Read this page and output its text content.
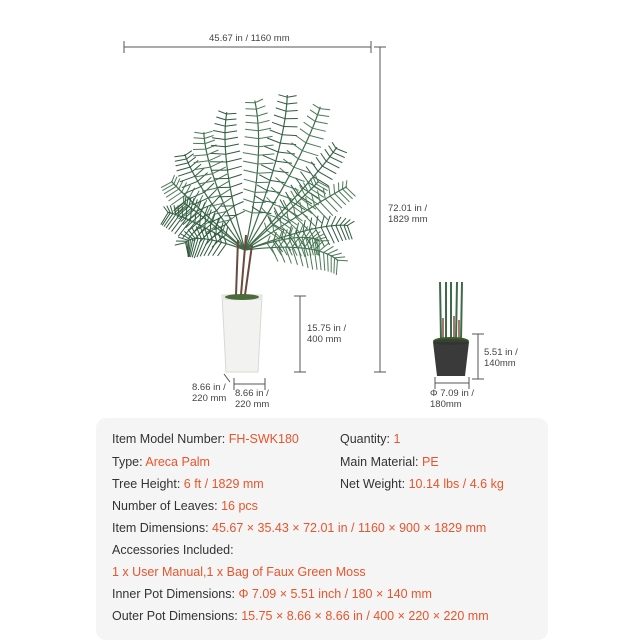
45.67 in / 1160 mm
72.01 in /
1829 mm
15.75 in /
400 mm
8.66 in /
220 mm 8.66 in /
220 mm
5.51 in /
140mm
Φ 7.09 in /
180mm
Item Model Number: FH-SWK180	Quantity: 1
Type: Areca Palm	Main Material: PE
Tree Height: 6 ft / 1829 mm	Net Weight: 10.14 lbs / 4.6 kg
Number of Leaves: 16 pcs
Item Dimensions: 45.67 × 35.43 × 72.01 in / 1160 × 900 × 1829 mm
Accessories Included:
1 x User Manual,1 x Bag of Faux Green Moss
Inner Pot Dimensions: Φ 7.09 × 5.51 inch / 180 × 140 mm
Outer Pot Dimensions: 15.75 × 8.66 × 8.66 in / 400 × 220 × 220 mm
